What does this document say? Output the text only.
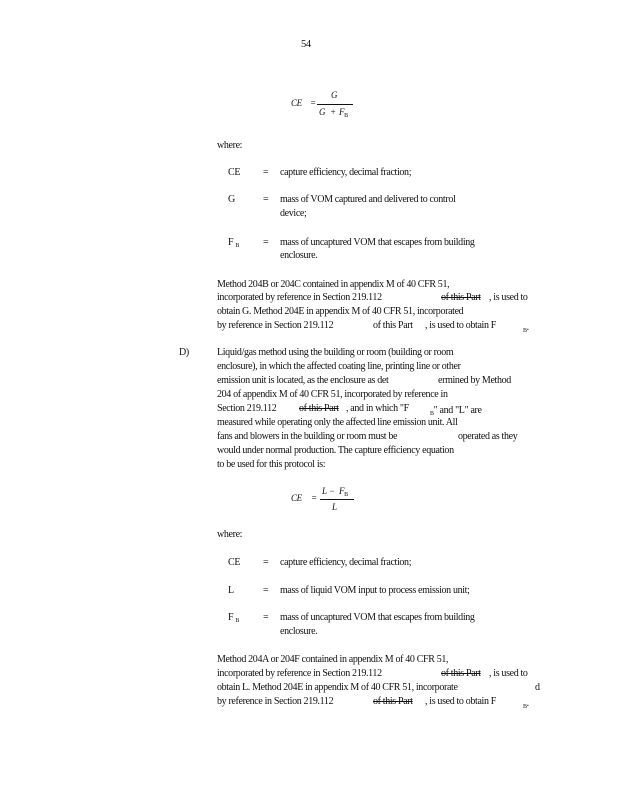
54
CE =
G
$G + F_B$
where:
CE = capture efficiency, decimal fraction;
G	= mass of VOM captured and delivered to control
device;
F $_B$ = mass of uncaptured VOM that escapes from building
enclosure.
Method 204B or 204C contained in appendix M of 40 CFR 51,
incorporated by reference in Section 219.112	of this Part , is used to
obtain G. Method 204E in appendix M of 40 CFR 51, incorporated
by reference in Section 219.112	of this Part , is used to obtain F	$_B$.
D)	Liquid/gas method using the building or room (building or room
enclosure), in which the affected coating line, printing line or other
emission unit is located, as the enclosure as det	ermined by Method
204 of appendix M of 40 CFR 51, incorporated by reference in
Section 219.112 of this Part , and in which "F	$_B$" and "L" are
measured while operating only the affected line emission unit. All
fans and blowers in the building or room must be	operated as they
would under normal production. The capture efficiency equation
to be used for this protocol is:
CE =
$L - F_B$
L
where:
CE = capture efficiency, decimal fraction;
L	= mass of liquid VOM input to process emission unit;
F $_B$ = mass of uncaptured VOM that escapes from building
enclosure.
Method 204A or 204F contained in appendix M of 40 CFR 51,
incorporated by reference in Section 219.112	of this Part , is used to
obtain L. Method 204E in appendix M of 40 CFR 51, incorporate	d
by reference in Section 219.112	of this Part , is used to obtain F	$_B$.
